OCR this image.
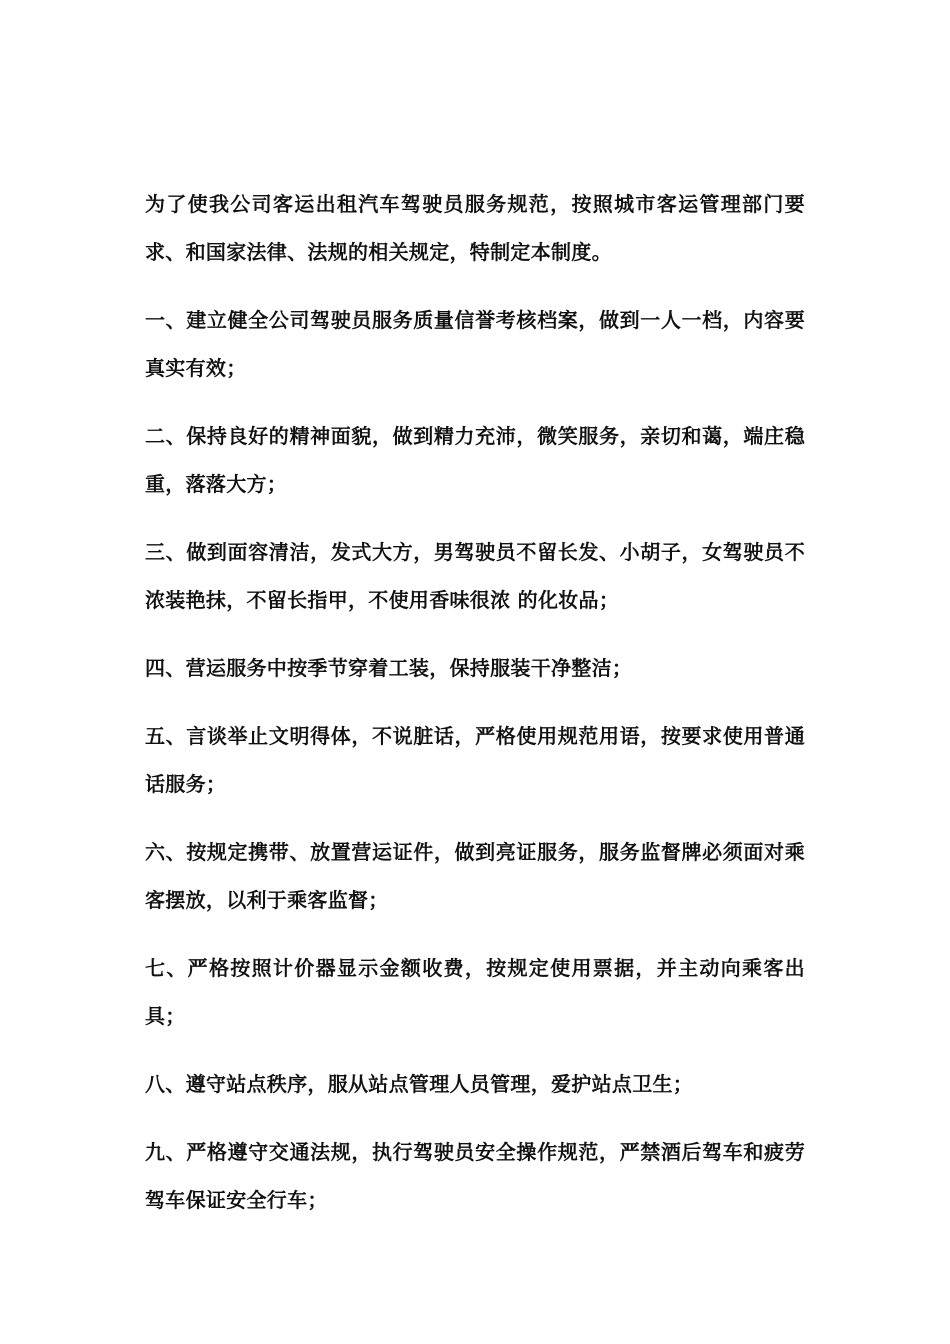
为了使我公司客运出租汽车驾驶员服务规范，按照城市客运管理部门要求、和国家法律、法规的相关规定，特制定本制度。

一、建立健全公司驾驶员服务质量信誉考核档案，做到一人一档，内容要真实有效；

二、保持良好的精神面貌，做到精力充沛，微笑服务，亲切和蔼，端庄稳重，落落大方；

三、做到面容清洁，发式大方，男驾驶员不留长发、小胡子，女驾驶员不浓装艳抹，不留长指甲，不使用香味很浓 的化妆品；

四、营运服务中按季节穿着工装，保持服装干净整洁；

五、言谈举止文明得体，不说脏话，严格使用规范用语，按要求使用普通话服务；

六、按规定携带、放置营运证件，做到亮证服务，服务监督牌必须面对乘客摆放，以利于乘客监督；

七、严格按照计价器显示金额收费，按规定使用票据，并主动向乘客出具；

八、遵守站点秩序，服从站点管理人员管理，爱护站点卫生；

九、严格遵守交通法规，执行驾驶员安全操作规范，严禁酒后驾车和疲劳驾车保证安全行车；
